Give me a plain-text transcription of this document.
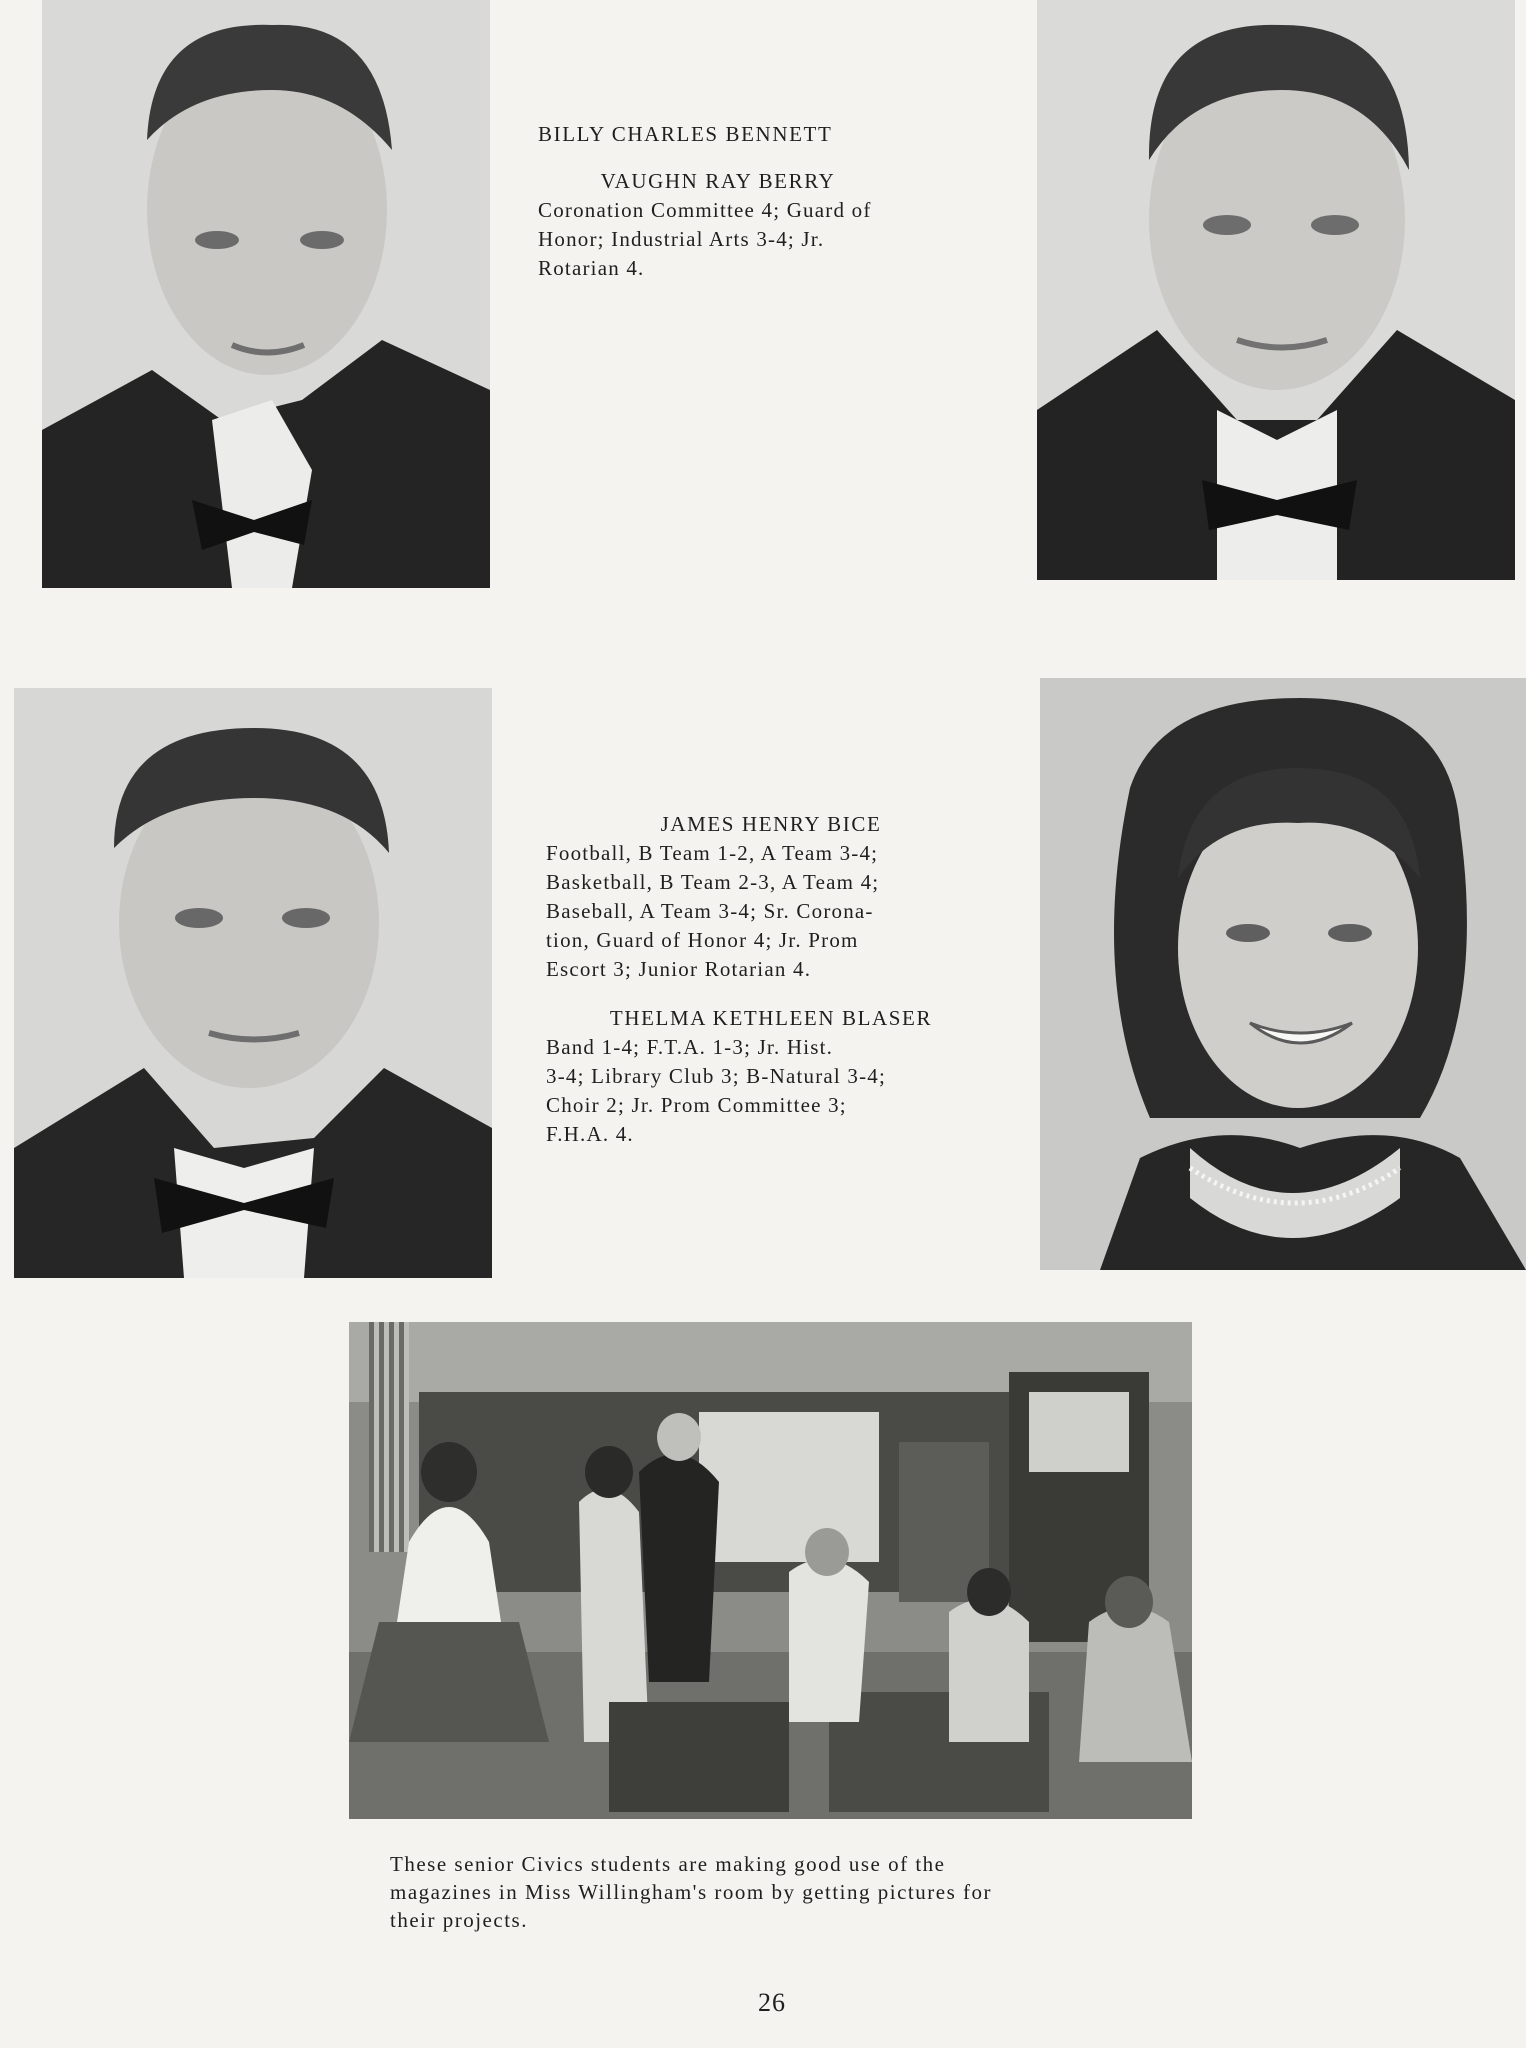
BILLY CHARLES BENNETT
VAUGHN RAY BERRY
Coronation Committee 4; Guard of
Honor; Industrial Arts 3-4; Jr.
Rotarian 4.
JAMES HENRY BICE
Football, B Team 1-2, A Team 3-4;
Basketball, B Team 2-3, A Team 4;
Baseball, A Team 3-4; Sr. Corona-
tion, Guard of Honor 4; Jr. Prom
Escort 3; Junior Rotarian 4.
THELMA KETHLEEN BLASER
Band 1-4; F.T.A. 1-3; Jr. Hist.
3-4; Library Club 3; B-Natural 3-4;
Choir 2; Jr. Prom Committee 3;
F.H.A. 4.
These senior Civics students are making good use of the
magazines in Miss Willingham's room by getting pictures for
their projects.
26
